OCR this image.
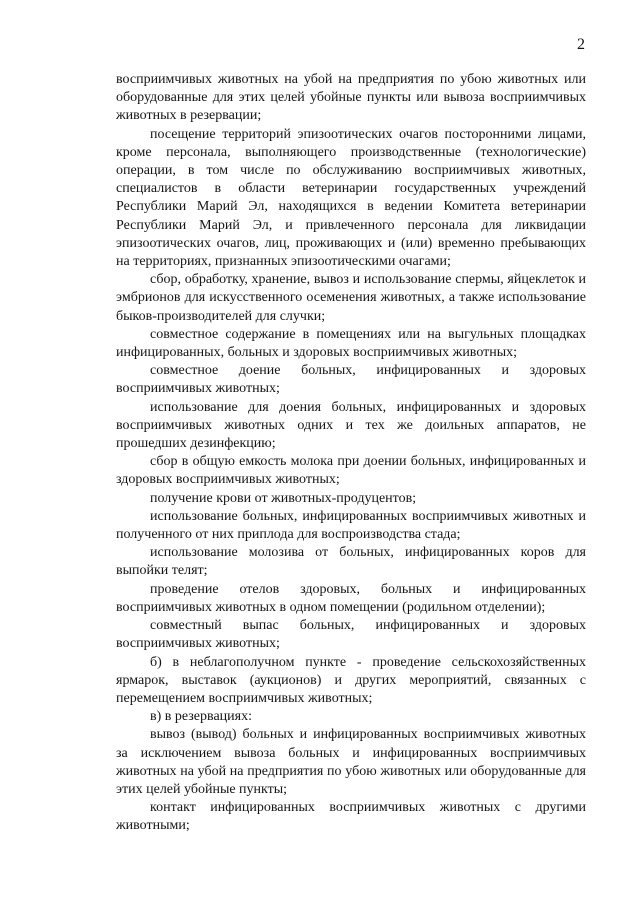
2

восприимчивых животных на убой на предприятия по убою животных или оборудованные для этих целей убойные пункты или вывоза восприимчивых животных в резервации;

посещение территорий эпизоотических очагов посторонними лицами, кроме персонала, выполняющего производственные (технологические) операции, в том числе по обслуживанию восприимчивых животных, специалистов в области ветеринарии государственных учреждений Республики Марий Эл, находящихся в ведении Комитета ветеринарии Республики Марий Эл, и привлеченного персонала для ликвидации эпизоотических очагов, лиц, проживающих и (или) временно пребывающих на территориях, признанных эпизоотическими очагами;

сбор, обработку, хранение, вывоз и использование спермы, яйцеклеток и эмбрионов для искусственного осеменения животных, а также использование быков-производителей для случки;

совместное содержание в помещениях или на выгульных площадках инфицированных, больных и здоровых восприимчивых животных;

совместное доение больных, инфицированных и здоровых восприимчивых животных;

использование для доения больных, инфицированных и здоровых восприимчивых животных одних и тех же доильных аппаратов, не прошедших дезинфекцию;

сбор в общую емкость молока при доении больных, инфицированных и здоровых восприимчивых животных;

получение крови от животных-продуцентов;

использование больных, инфицированных восприимчивых животных и полученного от них приплода для воспроизводства стада;

использование молозива от больных, инфицированных коров для выпойки телят;

проведение отелов здоровых, больных и инфицированных восприимчивых животных в одном помещении (родильном отделении);

совместный выпас больных, инфицированных и здоровых восприимчивых животных;

б) в неблагополучном пункте - проведение сельскохозяйственных ярмарок, выставок (аукционов) и других мероприятий, связанных с перемещением восприимчивых животных;

в) в резервациях:

вывоз (вывод) больных и инфицированных восприимчивых животных за исключением вывоза больных и инфицированных восприимчивых животных на убой на предприятия по убою животных или оборудованные для этих целей убойные пункты;

контакт инфицированных восприимчивых животных с другими животными;
